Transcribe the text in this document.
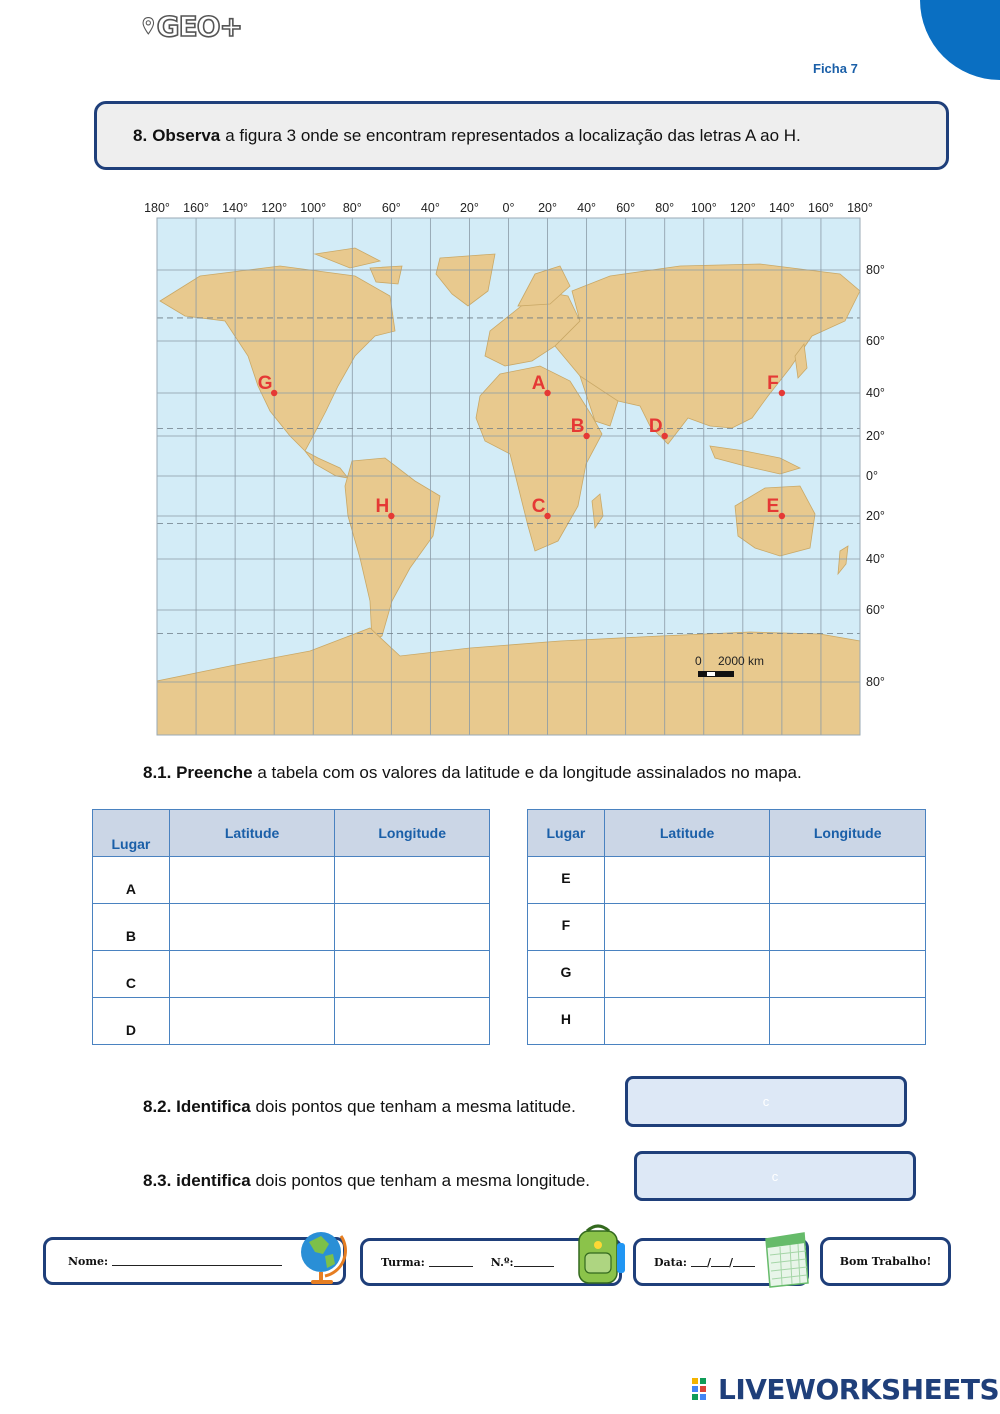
GEO+
Ficha 7
8. Observa a figura 3 onde se encontram representados a localização das letras A ao H.
180° 160° 140° 120° 100° 80° 60° 40° 20° 0° 20° 40° 60° 80° 100° 120° 140° 160° 180°
80°
60°
40°
20°
0°
20°
40°
60°
80°
A
B
C
D
E
F
G
H
0 2000 km
8.1. Preenche a tabela com os valores da latitude e da longitude assinalados no mapa.
Lugar	Latitude	Longitude
A		
B		
C		
D		
Lugar	Latitude	Longitude
E		
F		
G		
H		
8.2. Identifica dois pontos que tenham a mesma latitude.	c
8.3. identifica dois pontos que tenham a mesma longitude.	c
Nome:	Turma:	N.º:	Data: / /	Bom Trabalho!
LIVEWORKSHEETS
